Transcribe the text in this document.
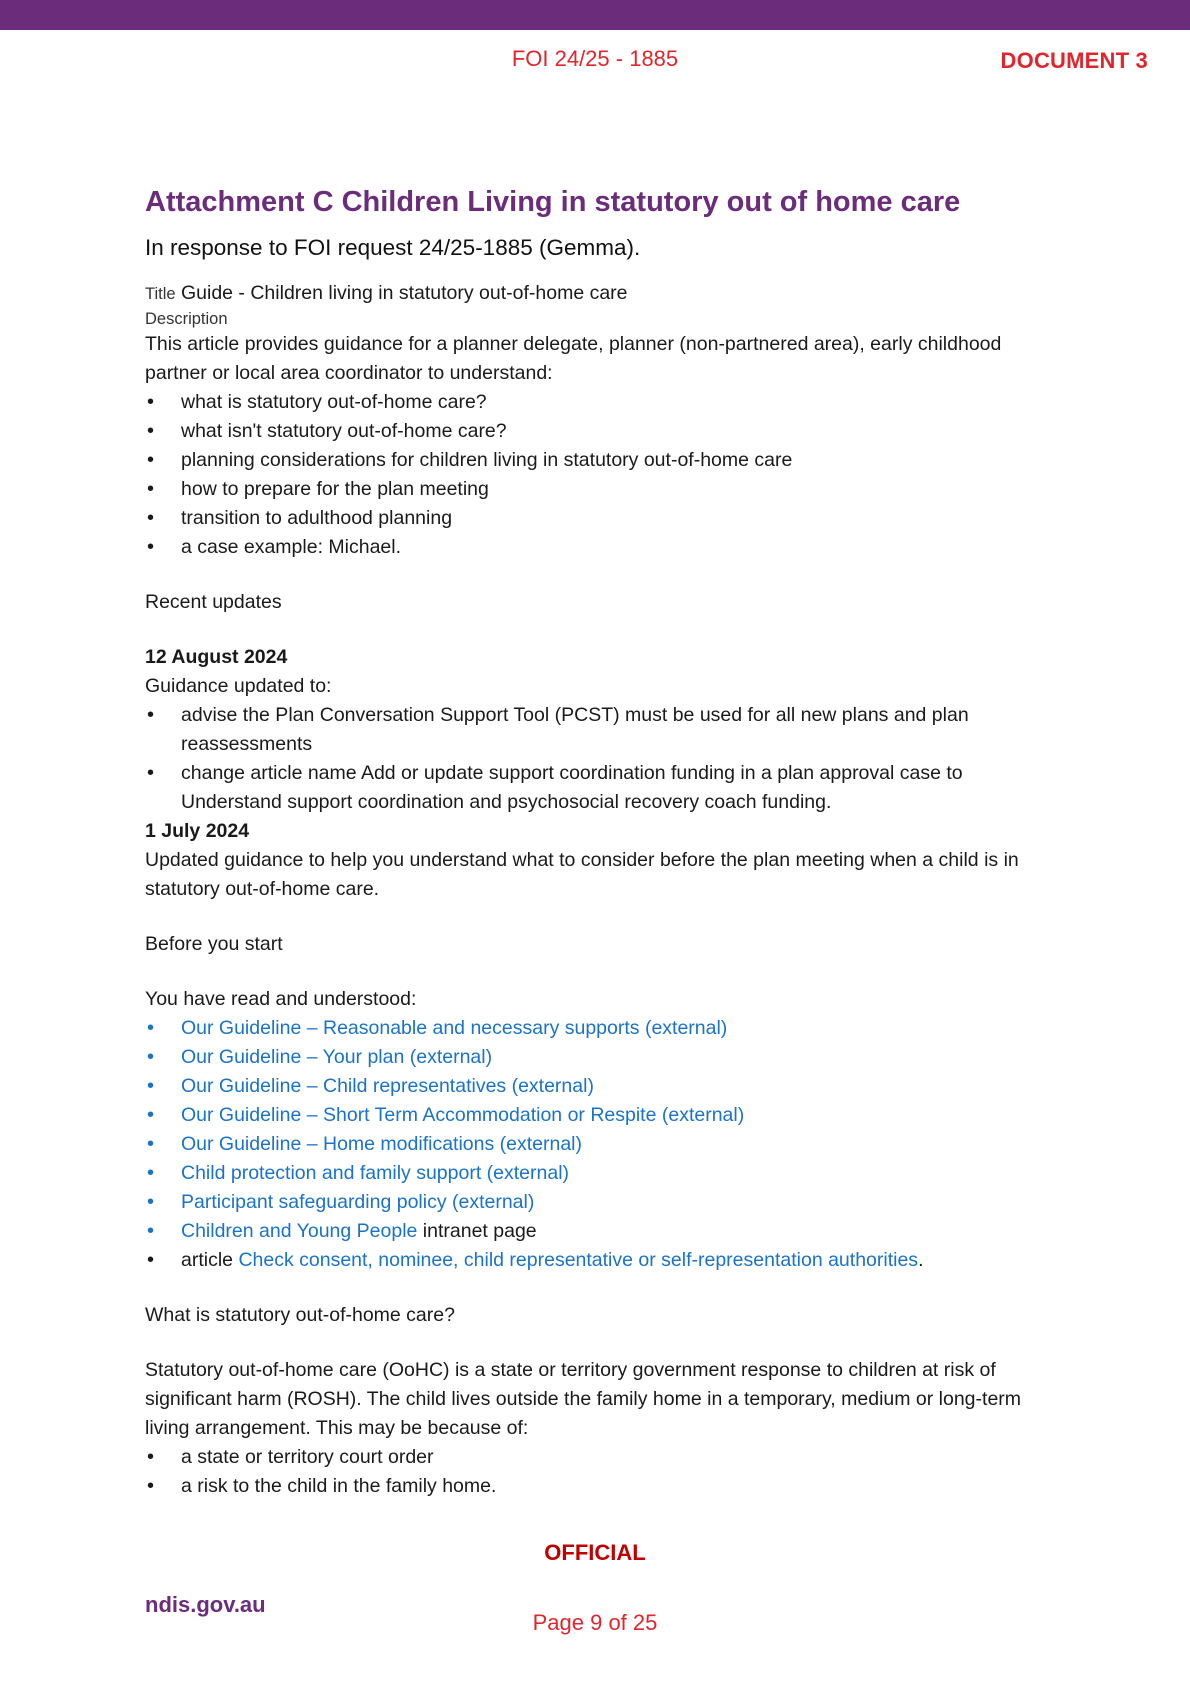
FOI 24/25 - 1885	DOCUMENT 3
Attachment C Children Living in statutory out of home care
In response to FOI request 24/25-1885 (Gemma).
Title Guide - Children living in statutory out-of-home care
Description

This article provides guidance for a planner delegate, planner (non-partnered area), early childhood partner or local area coordinator to understand:

• what is statutory out-of-home care?
• what isn't statutory out-of-home care?
• planning considerations for children living in statutory out-of-home care
• how to prepare for the plan meeting
• transition to adulthood planning
• a case example: Michael.

Recent updates

12 August 2024

Guidance updated to:

• advise the Plan Conversation Support Tool (PCST) must be used for all new plans and plan reassessments
• change article name Add or update support coordination funding in a plan approval case to Understand support coordination and psychosocial recovery coach funding.

1 July 2024

Updated guidance to help you understand what to consider before the plan meeting when a child is in statutory out-of-home care.

Before you start

You have read and understood:

• Our Guideline – Reasonable and necessary supports (external)
• Our Guideline – Your plan (external)
• Our Guideline – Child representatives (external)
• Our Guideline – Short Term Accommodation or Respite (external)
• Our Guideline – Home modifications (external)
• Child protection and family support (external)
• Participant safeguarding policy (external)
• Children and Young People intranet page
• article Check consent, nominee, child representative or self-representation authorities.

What is statutory out-of-home care?

Statutory out-of-home care (OoHC) is a state or territory government response to children at risk of significant harm (ROSH). The child lives outside the family home in a temporary, medium or long-term living arrangement. This may be because of:

• a state or territory court order
• a risk to the child in the family home.
OFFICIAL
ndis.gov.au
Page 9 of 25
